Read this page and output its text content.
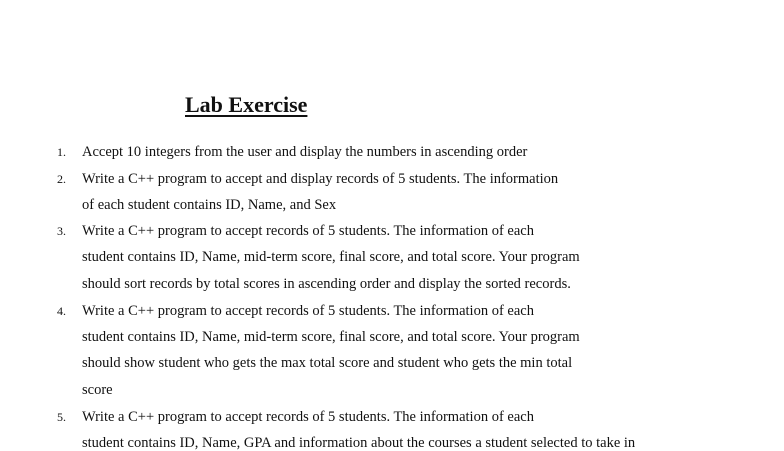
Lab Exercise
1. Accept 10 integers from the user and display the numbers in ascending order
2. Write a C++ program to accept and display records of 5 students. The information
of each student contains ID, Name, and Sex
3. Write a C++ program to accept records of 5 students. The information of each
student contains ID, Name, mid-term score, final score, and total score. Your program
should sort records by total scores in ascending order and display the sorted records.
4. Write a C++ program to accept records of 5 students. The information of each
student contains ID, Name, mid-term score, final score, and total score. Your program
should show student who gets the max total score and student who gets the min total
score
5. Write a C++ program to accept records of 5 students. The information of each
student contains ID, Name, GPA and information about the courses a student selected to take in
